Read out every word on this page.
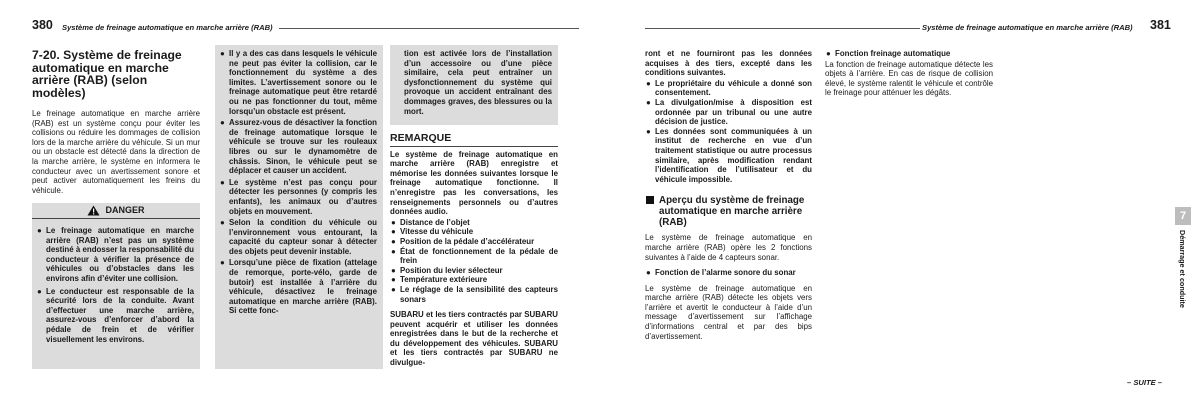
380 Système de freinage automatique en marche arrière (RAB)
7-20. Système de freinage automatique en marche arrière (RAB) (selon modèles)

Le freinage automatique en marche arrière (RAB) est un système conçu pour éviter les collisions ou réduire les dommages de collision lors de la marche arrière du véhicule. Si un mur ou un obstacle est détecté dans la direction de la marche arrière, le système en informera le conducteur avec un avertissement sonore et peut activer automatiquement les freins du véhicule.

DANGER
● Le freinage automatique en marche arrière (RAB) n’est pas un système destiné à endosser la responsabilité du conducteur à vérifier la présence de véhicules ou d’obstacles dans les environs afin d’éviter une collision.
● Le conducteur est responsable de la sécurité lors de la conduite. Avant d’effectuer une marche arrière, assurez-vous d’enforcer d’abord la pédale de frein et de vérifier visuellement les environs.
● Il y a des cas dans lesquels le véhicule ne peut pas éviter la collision, car le fonctionnement du système a des limites. L’avertissement sonore ou le freinage automatique peut être retardé ou ne pas fonctionner du tout, même lorsqu’un obstacle est présent.
● Assurez-vous de désactiver la fonction de freinage automatique lorsque le véhicule se trouve sur les rouleaux libres ou sur le dynamomètre de châssis. Sinon, le véhicule peut se déplacer et causer un accident.
● Le système n’est pas conçu pour détecter les personnes (y compris les enfants), les animaux ou d’autres objets en mouvement.
● Selon la condition du véhicule ou l’environnement vous entourant, la capacité du capteur sonar à détecter des objets peut devenir instable.
● Lorsqu’une pièce de fixation (attelage de remorque, porte-vélo, garde de butoir) est installée à l’arrière du véhicule, désactivez le freinage automatique en marche arrière (RAB). Si cette fonc-

tion est activée lors de l’installation d’un accessoire ou d’une pièce similaire, cela peut entraîner un dysfonctionnement du système qui provoque un accident entraînant des dommages graves, des blessures ou la mort.

REMARQUE

Le système de freinage automatique en marche arrière (RAB) enregistre et mémorise les données suivantes lorsque le freinage automatique fonctionne. Il n’enregistre pas les conversations, les renseignements personnels ou d’autres données audio.

● Distance de l’objet
● Vitesse du véhicule
● Position de la pédale d’accélérateur
● État de fonctionnement de la pédale de frein
● Position du levier sélecteur
● Température extérieure
● Le réglage de la sensibilité des capteurs sonars

SUBARU et les tiers contractés par SUBARU peuvent acquérir et utiliser les données enregistrées dans le but de la recherche et du développement des véhicules. SUBARU et les tiers contractés par SUBARU ne divulgue-

Système de freinage automatique en marche arrière (RAB) 381

ront et ne fourniront pas les données acquises à des tiers, excepté dans les conditions suivantes.

● Le propriétaire du véhicule a donné son consentement.
● La divulgation/mise à disposition est ordonnée par un tribunal ou une autre décision de justice.
● Les données sont communiquées à un institut de recherche en vue d’un traitement statistique ou autre processus similaire, après modification rendant l’identification de l’utilisateur et du véhicule impossible.
Aperçu du système de freinage automatique en marche arrière (RAB)

Le système de freinage automatique en marche arrière (RAB) opère les 2 fonctions suivantes à l’aide de 4 capteurs sonar.

● Fonction de l’alarme sonore du sonar

Le système de freinage automatique en marche arrière (RAB) détecte les objets vers l’arrière et avertit le conducteur à l’aide d’un message d’avertissement sur l’affichage d’informations central et par des bips d’avertissement.

● Fonction freinage automatique

La fonction de freinage automatique détecte les objets à l’arrière. En cas de risque de collision élevé, le système ralentit le véhicule et contrôle le freinage pour atténuer les dégâts.

7
Démarrage et conduite
– SUITE –
